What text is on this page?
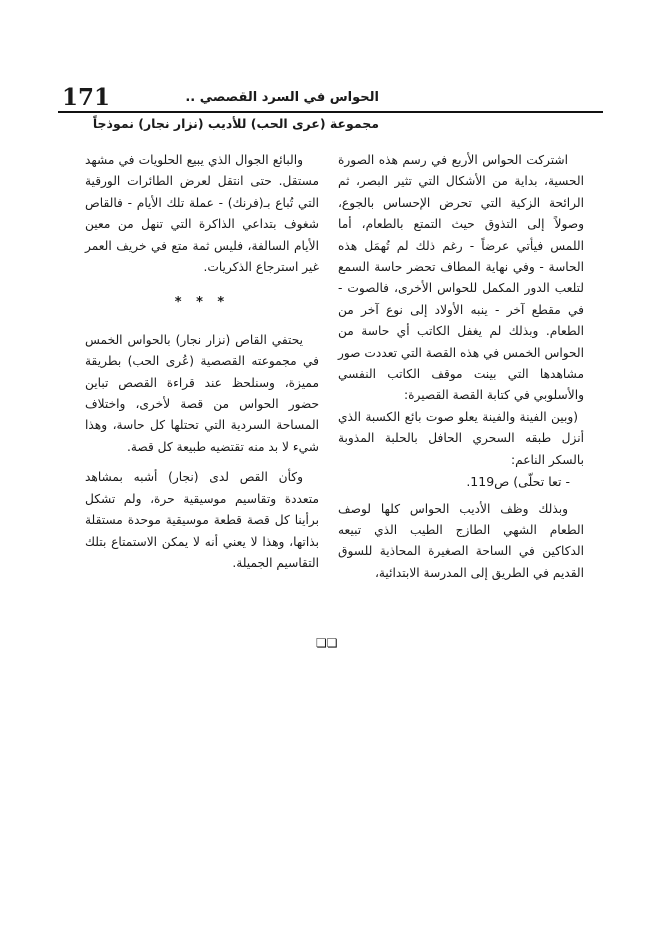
171	الحواس في السرد القصصي ..
مجموعة (عرى الحب) للأديب (نزار نجار) نموذجاً

اشتركت الحواس الأربع في رسم هذه الصورة الحسية، بداية من الأشكال التي تثير البصر، ثم الرائحة الزكية التي تحرض الإحساس بالجوع، وصولاً إلى التذوق حيث التمتع بالطعام، أما اللمس فيأتي عرضاً - رغم ذلك لم تُهمَل هذه الحاسة - وفي نهاية المطاف تحضر حاسة السمع لتلعب الدور المكمل للحواس الأخرى، فالصوت - في مقطع آخر - ينبه الأولاد إلى نوع آخر من الطعام. وبذلك لم يغفل الكاتب أي حاسة من الحواس الخمس في هذه القصة التي تعددت صور مشاهدها التي بينت موقف الكاتب النفسي والأسلوبي في كتابة القصة القصيرة:

(وبين الفينة والفينة يعلو صوت بائع الكسبة الذي أنزل طبقه السحري الحافل بالحلبة المذوبة بالسكر الناعم:

- تعا تحلّى) ص119.

وبذلك وظف الأديب الحواس كلها لوصف الطعام الشهي الطازج الطيب الذي تبيعه الدكاكين في الساحة الصغيرة المحاذية للسوق القديم في الطريق إلى المدرسة الابتدائية،

والبائع الجوال الذي يبيع الحلويات في مشهد مستقل. حتى انتقل لعرض الطائرات الورقية التي تُباع بـ(فرنك) - عملة تلك الأيام - فالقاص شغوف بتداعي الذاكرة التي تنهل من معين الأيام السالفة، فليس ثمة متع في خريف العمر غير استرجاع الذكريات.

* * *

يحتفي القاص (نزار نجار) بالحواس الخمس في مجموعته القصصية (عُرى الحب) بطريقة مميزة، وسنلحظ عند قراءة القصص تباين حضور الحواس من قصة لأخرى، واختلاف المساحة السردية التي تحتلها كل حاسة، وهذا شيء لا بد منه تقتضيه طبيعة كل قصة.

وكأن القص لدى (نجار) أشبه بمشاهد متعددة وتقاسيم موسيقية حرة، ولم تشكل برأينا كل قصة قطعة موسيقية موحدة مستقلة بذاتها، وهذا لا يعني أنه لا يمكن الاستمتاع بتلك التقاسيم الجميلة.

❏❏
